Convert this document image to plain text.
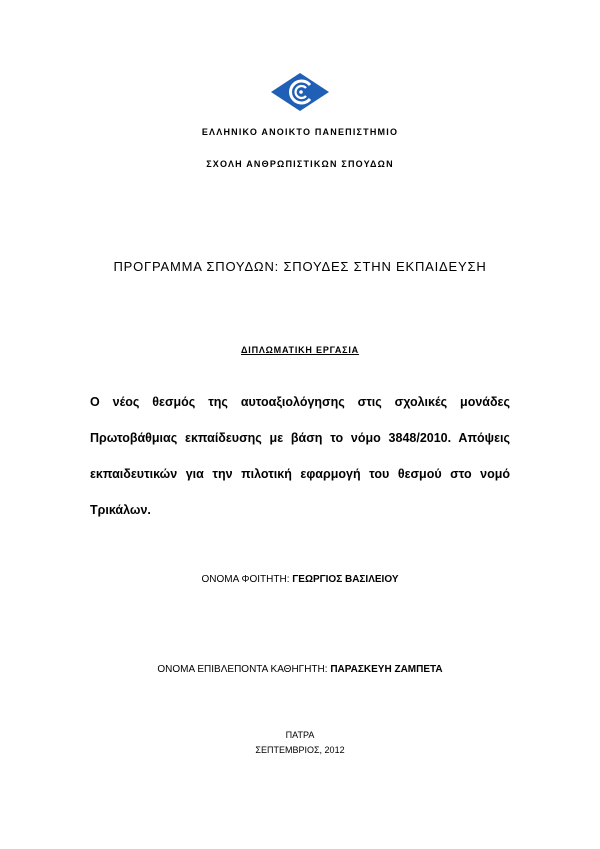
ΕΛΛΗΝΙΚΟ ΑΝΟΙΚΤΟ ΠΑΝΕΠΙΣΤΗΜΙΟ
ΣΧΟΛΗ ΑΝΘΡΩΠΙΣΤΙΚΩΝ ΣΠΟΥΔΩΝ
ΠΡΟΓΡΑΜΜΑ ΣΠΟΥΔΩΝ: ΣΠΟΥΔΕΣ ΣΤΗΝ ΕΚΠΑΙΔΕΥΣΗ
ΔΙΠΛΩΜΑΤΙΚΗ ΕΡΓΑΣΙΑ
Ο νέος θεσμός της αυτοαξιολόγησης στις σχολικές μονάδες Πρωτοβάθμιας εκπαίδευσης με βάση το νόμο 3848/2010. Απόψεις εκπαιδευτικών για την πιλοτική εφαρμογή του θεσμού στο νομό Τρικάλων.
ΟΝΟΜΑ ΦΟΙΤΗΤΗ: ΓΕΩΡΓΙΟΣ ΒΑΣΙΛΕΙΟΥ
ΟΝΟΜΑ ΕΠΙΒΛΕΠΟΝΤΑ ΚΑΘΗΓΗΤΗ: ΠΑΡΑΣΚΕΥΗ ΖΑΜΠΕΤΑ
ΠΑΤΡΑ
ΣΕΠΤΕΜΒΡΙΟΣ, 2012
